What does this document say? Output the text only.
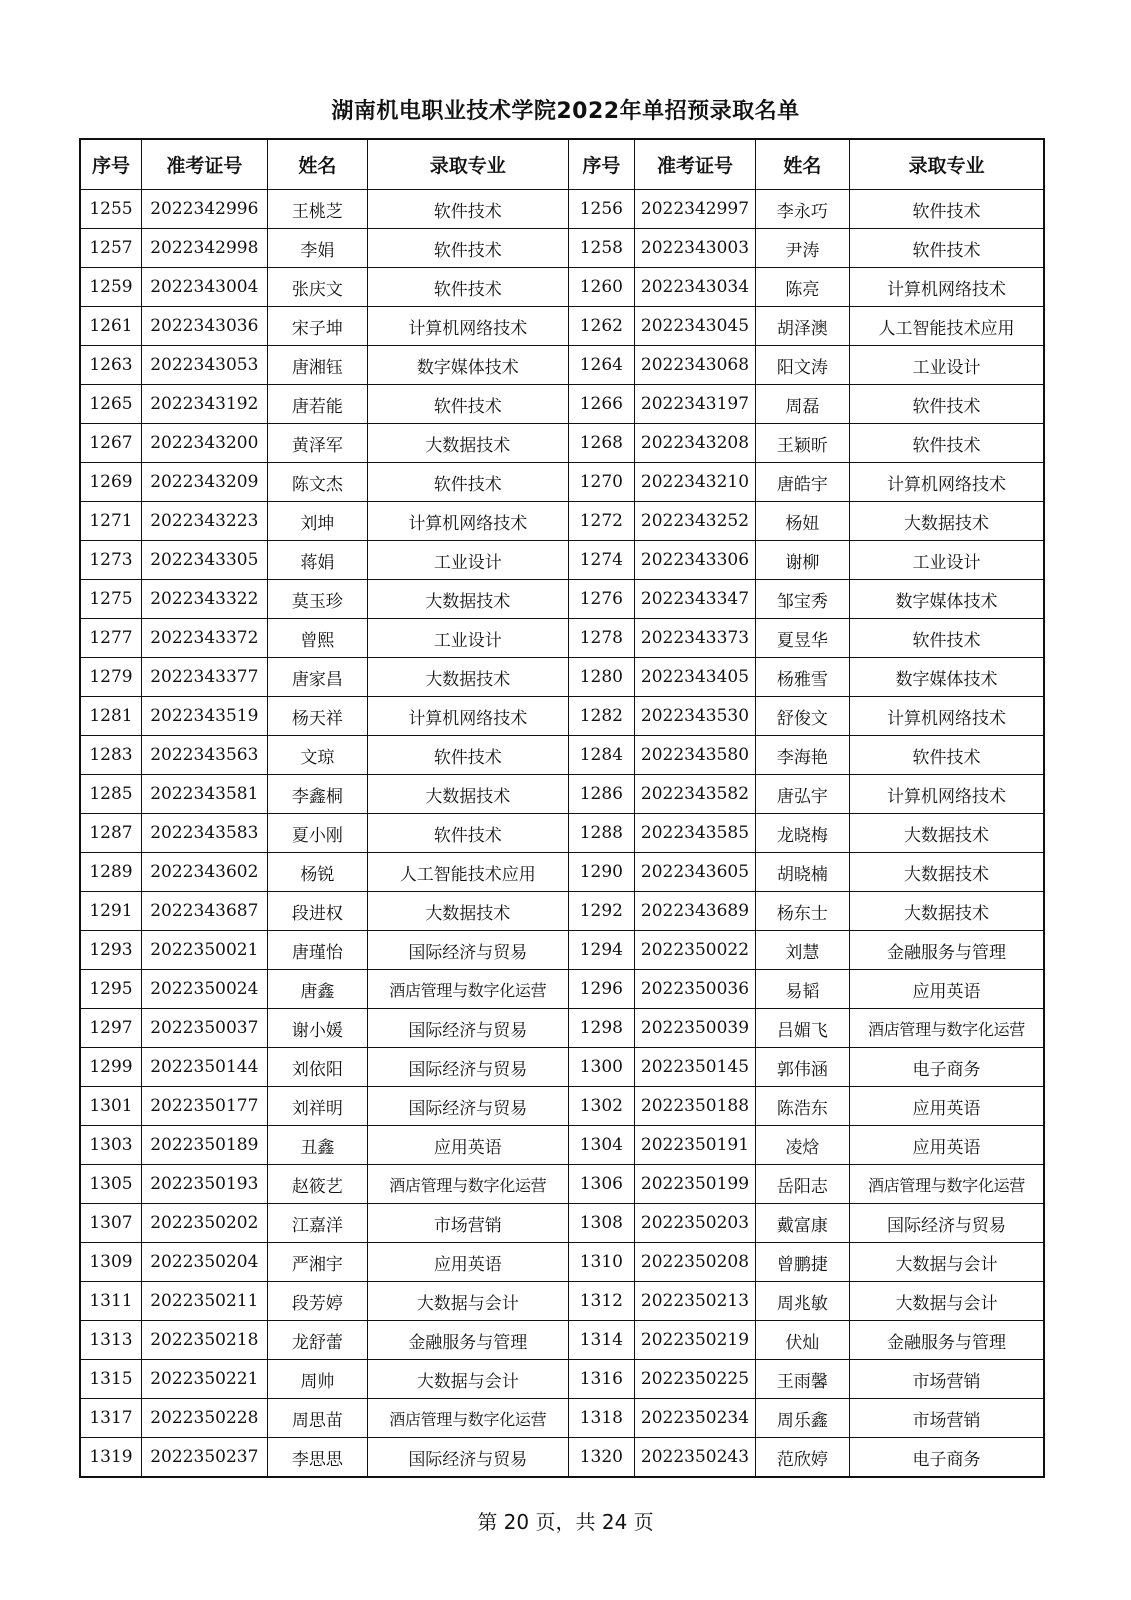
湖南机电职业技术学院2022年单招预录取名单
序号	准考证号	姓名	录取专业	序号	准考证号	姓名	录取专业
1255	2022342996	王桃芝	软件技术	1256	2022342997	李永巧	软件技术
1257	2022342998	李娟	软件技术	1258	2022343003	尹涛	软件技术
1259	2022343004	张庆文	软件技术	1260	2022343034	陈亮	计算机网络技术
1261	2022343036	宋子坤	计算机网络技术	1262	2022343045	胡泽澳	人工智能技术应用
1263	2022343053	唐湘钰	数字媒体技术	1264	2022343068	阳文涛	工业设计
1265	2022343192	唐若能	软件技术	1266	2022343197	周磊	软件技术
1267	2022343200	黄泽军	大数据技术	1268	2022343208	王颖昕	软件技术
1269	2022343209	陈文杰	软件技术	1270	2022343210	唐皓宇	计算机网络技术
1271	2022343223	刘坤	计算机网络技术	1272	2022343252	杨妞	大数据技术
1273	2022343305	蒋娟	工业设计	1274	2022343306	谢柳	工业设计
1275	2022343322	莫玉珍	大数据技术	1276	2022343347	邹宝秀	数字媒体技术
1277	2022343372	曾熙	工业设计	1278	2022343373	夏昱华	软件技术
1279	2022343377	唐家昌	大数据技术	1280	2022343405	杨雅雪	数字媒体技术
1281	2022343519	杨天祥	计算机网络技术	1282	2022343530	舒俊文	计算机网络技术
1283	2022343563	文琼	软件技术	1284	2022343580	李海艳	软件技术
1285	2022343581	李鑫桐	大数据技术	1286	2022343582	唐弘宇	计算机网络技术
1287	2022343583	夏小刚	软件技术	1288	2022343585	龙晓梅	大数据技术
1289	2022343602	杨锐	人工智能技术应用	1290	2022343605	胡晓楠	大数据技术
1291	2022343687	段进权	大数据技术	1292	2022343689	杨东士	大数据技术
1293	2022350021	唐瑾怡	国际经济与贸易	1294	2022350022	刘慧	金融服务与管理
1295	2022350024	唐鑫	酒店管理与数字化运营	1296	2022350036	易韬	应用英语
1297	2022350037	谢小媛	国际经济与贸易	1298	2022350039	吕媚飞	酒店管理与数字化运营
1299	2022350144	刘依阳	国际经济与贸易	1300	2022350145	郭伟涵	电子商务
1301	2022350177	刘祥明	国际经济与贸易	1302	2022350188	陈浩东	应用英语
1303	2022350189	丑鑫	应用英语	1304	2022350191	凌焓	应用英语
1305	2022350193	赵筱艺	酒店管理与数字化运营	1306	2022350199	岳阳志	酒店管理与数字化运营
1307	2022350202	江嘉洋	市场营销	1308	2022350203	戴富康	国际经济与贸易
1309	2022350204	严湘宇	应用英语	1310	2022350208	曾鹏捷	大数据与会计
1311	2022350211	段芳婷	大数据与会计	1312	2022350213	周兆敏	大数据与会计
1313	2022350218	龙舒蕾	金融服务与管理	1314	2022350219	伏灿	金融服务与管理
1315	2022350221	周帅	大数据与会计	1316	2022350225	王雨馨	市场营销
1317	2022350228	周思苗	酒店管理与数字化运营	1318	2022350234	周乐鑫	市场营销
1319	2022350237	李思思	国际经济与贸易	1320	2022350243	范欣婷	电子商务
第 20 页，共 24 页
